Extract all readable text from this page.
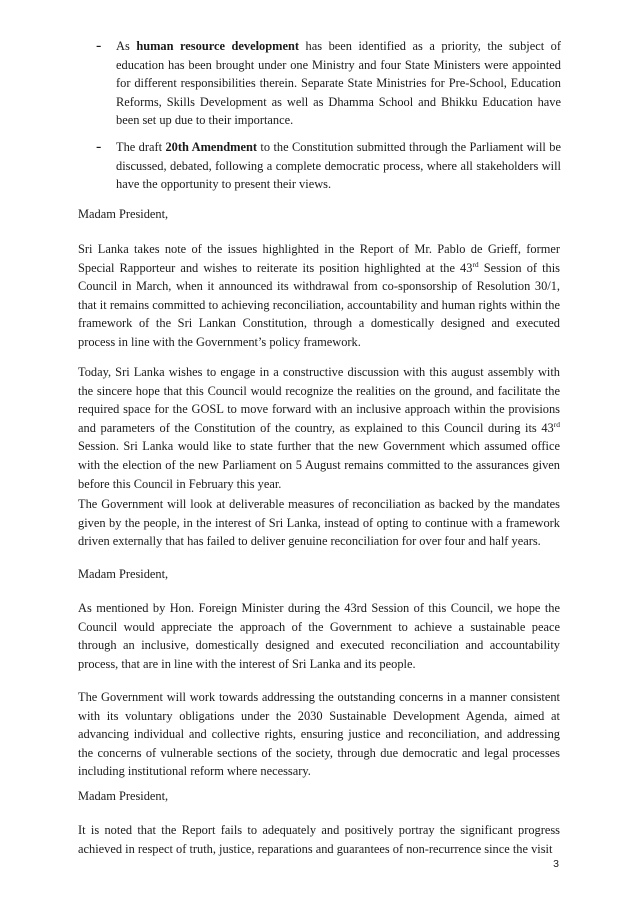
-	As human resource development has been identified as a priority, the subject of education has been brought under one Ministry and four State Ministers were appointed for different responsibilities therein. Separate State Ministries for Pre-School, Education Reforms, Skills Development as well as Dhamma School and Bhikku Education have been set up due to their importance.
-	The draft 20th Amendment to the Constitution submitted through the Parliament will be discussed, debated, following a complete democratic process, where all stakeholders will have the opportunity to present their views.
Madam President,
Sri Lanka takes note of the issues highlighted in the Report of Mr. Pablo de Grieff, former Special Rapporteur and wishes to reiterate its position highlighted at the 43rd Session of this Council in March, when it announced its withdrawal from co-sponsorship of Resolution 30/1, that it remains committed to achieving reconciliation, accountability and human rights within the framework of the Sri Lankan Constitution, through a domestically designed and executed process in line with the Government’s policy framework.
Today, Sri Lanka wishes to engage in a constructive discussion with this august assembly with the sincere hope that this Council would recognize the realities on the ground, and facilitate the required space for the GOSL to move forward with an inclusive approach within the provisions and parameters of the Constitution of the country, as explained to this Council during its 43rd Session. Sri Lanka would like to state further that the new Government which assumed office with the election of the new Parliament on 5 August remains committed to the assurances given before this Council in February this year.
The Government will look at deliverable measures of reconciliation as backed by the mandates given by the people, in the interest of Sri Lanka, instead of opting to continue with a framework driven externally that has failed to deliver genuine reconciliation for over four and half years.
Madam President,
As mentioned by Hon. Foreign Minister during the 43rd Session of this Council, we hope the Council would appreciate the approach of the Government to achieve a sustainable peace through an inclusive, domestically designed and executed reconciliation and accountability process, that are in line with the interest of Sri Lanka and its people.
The Government will work towards addressing the outstanding concerns in a manner consistent with its voluntary obligations under the 2030 Sustainable Development Agenda, aimed at advancing individual and collective rights, ensuring justice and reconciliation, and addressing the concerns of vulnerable sections of the society, through due democratic and legal processes including institutional reform where necessary.
Madam President,
It is noted that the Report fails to adequately and positively portray the significant progress achieved in respect of truth, justice, reparations and guarantees of non-recurrence since the visit
3
